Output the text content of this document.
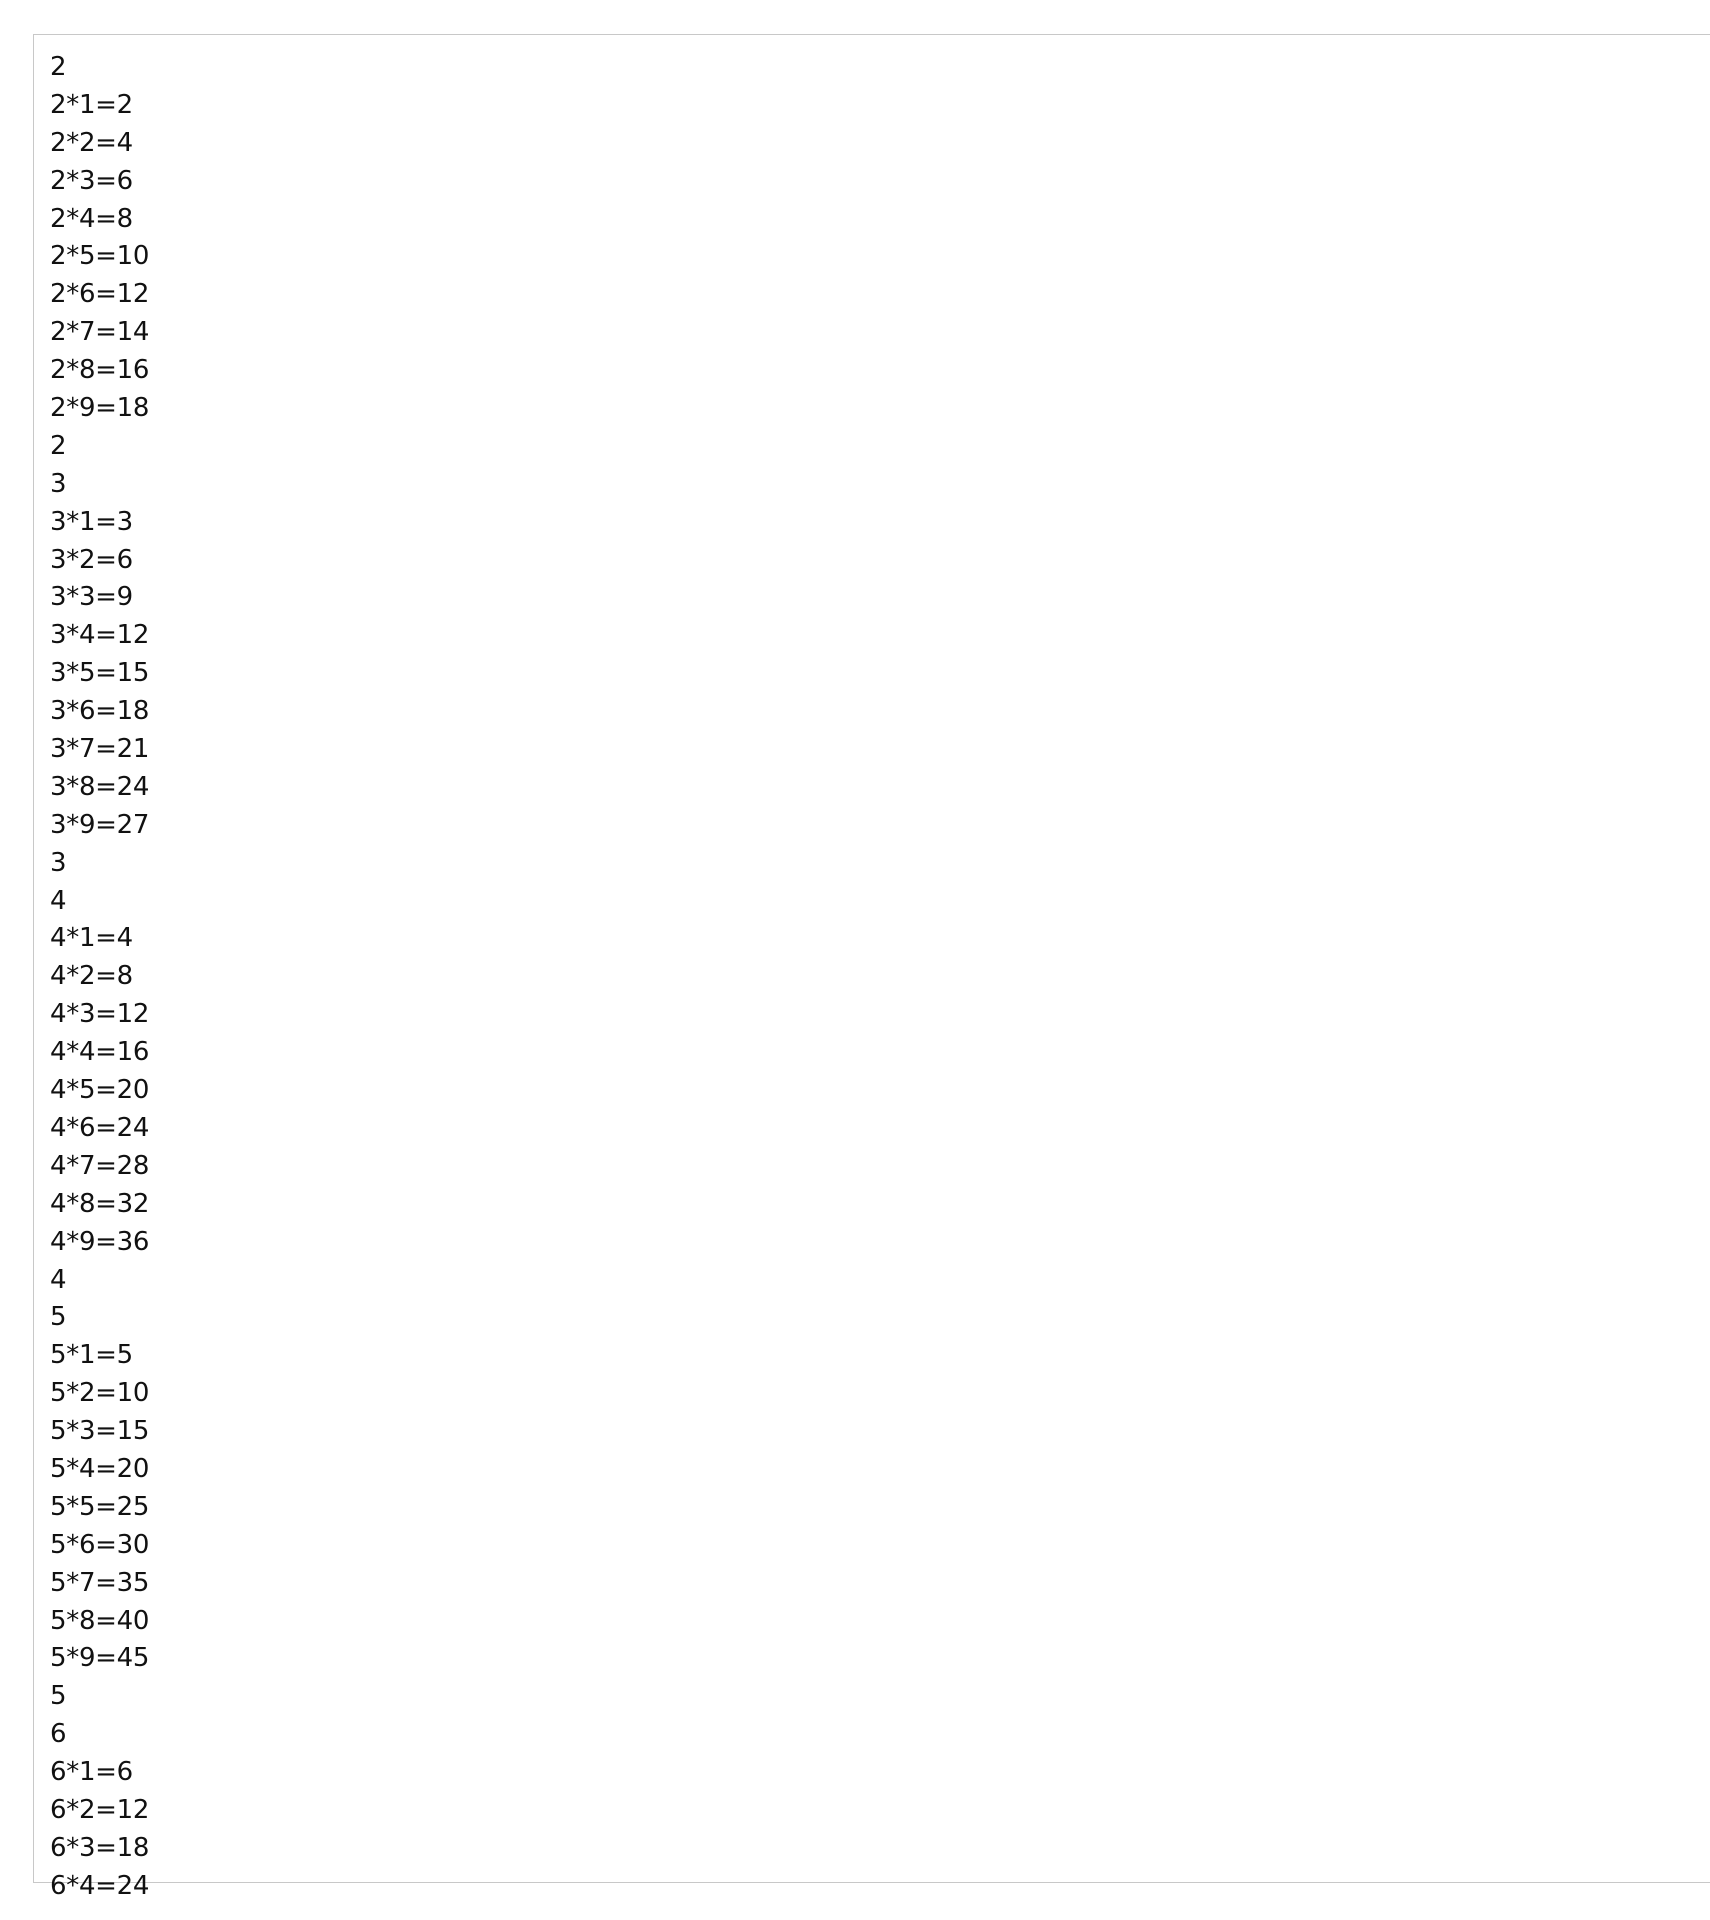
2
2*1=2
2*2=4
2*3=6
2*4=8
2*5=10
2*6=12
2*7=14
2*8=16
2*9=18
2
3
3*1=3
3*2=6
3*3=9
3*4=12
3*5=15
3*6=18
3*7=21
3*8=24
3*9=27
3
4
4*1=4
4*2=8
4*3=12
4*4=16
4*5=20
4*6=24
4*7=28
4*8=32
4*9=36
4
5
5*1=5
5*2=10
5*3=15
5*4=20
5*5=25
5*6=30
5*7=35
5*8=40
5*9=45
5
6
6*1=6
6*2=12
6*3=18
6*4=24
